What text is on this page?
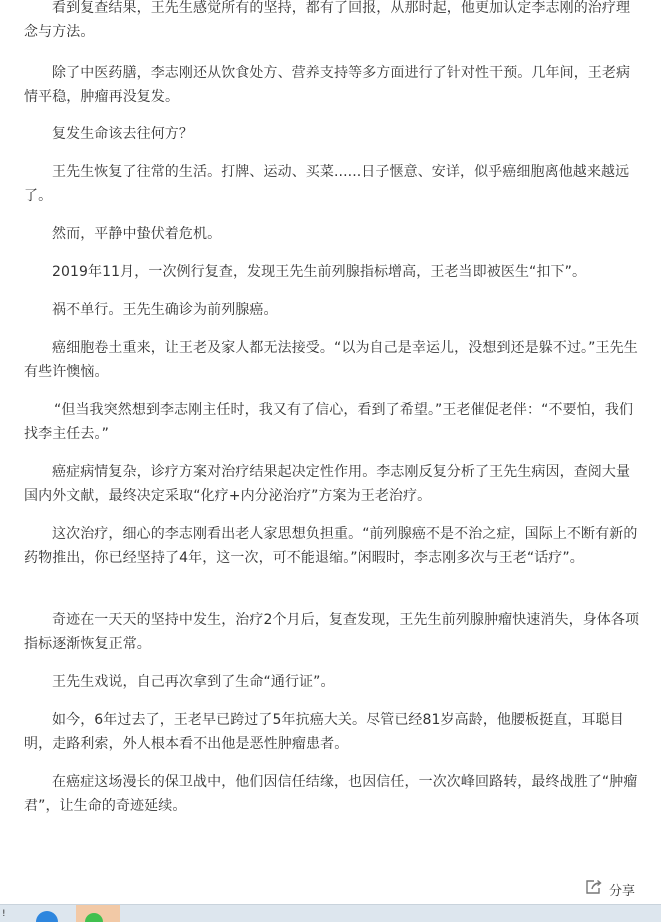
看到复查结果，王先生感觉所有的坚持，都有了回报，从那时起，他更加认定李志刚的治疗理念与方法。

除了中医药膳，李志刚还从饮食处方、营养支持等多方面进行了针对性干预。几年间，王老病情平稳，肿瘤再没复发。

复发生命该去往何方？

王先生恢复了往常的生活。打牌、运动、买菜......日子惬意、安详，似乎癌细胞离他越来越远了。

然而，平静中蛰伏着危机。

2019年11月，一次例行复查，发现王先生前列腺指标增高，王老当即被医生“扣下”。

祸不单行。王先生确诊为前列腺癌。

癌细胞卷土重来，让王老及家人都无法接受。“以为自己是幸运儿，没想到还是躲不过。”王先生有些许懊恼。

“但当我突然想到李志刚主任时，我又有了信心，看到了希望。”王老催促老伴：“不要怕，我们找李主任去。”

癌症病情复杂，诊疗方案对治疗结果起决定性作用。李志刚反复分析了王先生病因，查阅大量国内外文献，最终决定采取“化疗+内分泌治疗”方案为王老治疗。

这次治疗，细心的李志刚看出老人家思想负担重。“前列腺癌不是不治之症，国际上不断有新的药物推出，你已经坚持了4年，这一次，可不能退缩。”闲暇时，李志刚多次与王老“话疗”。

奇迹在一天天的坚持中发生，治疗2个月后，复查发现，王先生前列腺肿瘤快速消失，身体各项指标逐渐恢复正常。

王先生戏说，自己再次拿到了生命“通行证”。

如今，6年过去了，王老早已跨过了5年抗癌大关。尽管已经81岁高龄，他腰板挺直，耳聪目明，走路利索，外人根本看不出他是恶性肿瘤患者。

在癌症这场漫长的保卫战中，他们因信任结缘，也因信任，一次次峰回路转，最终战胜了“肿瘤君”，让生命的奇迹延续。

分享
!
